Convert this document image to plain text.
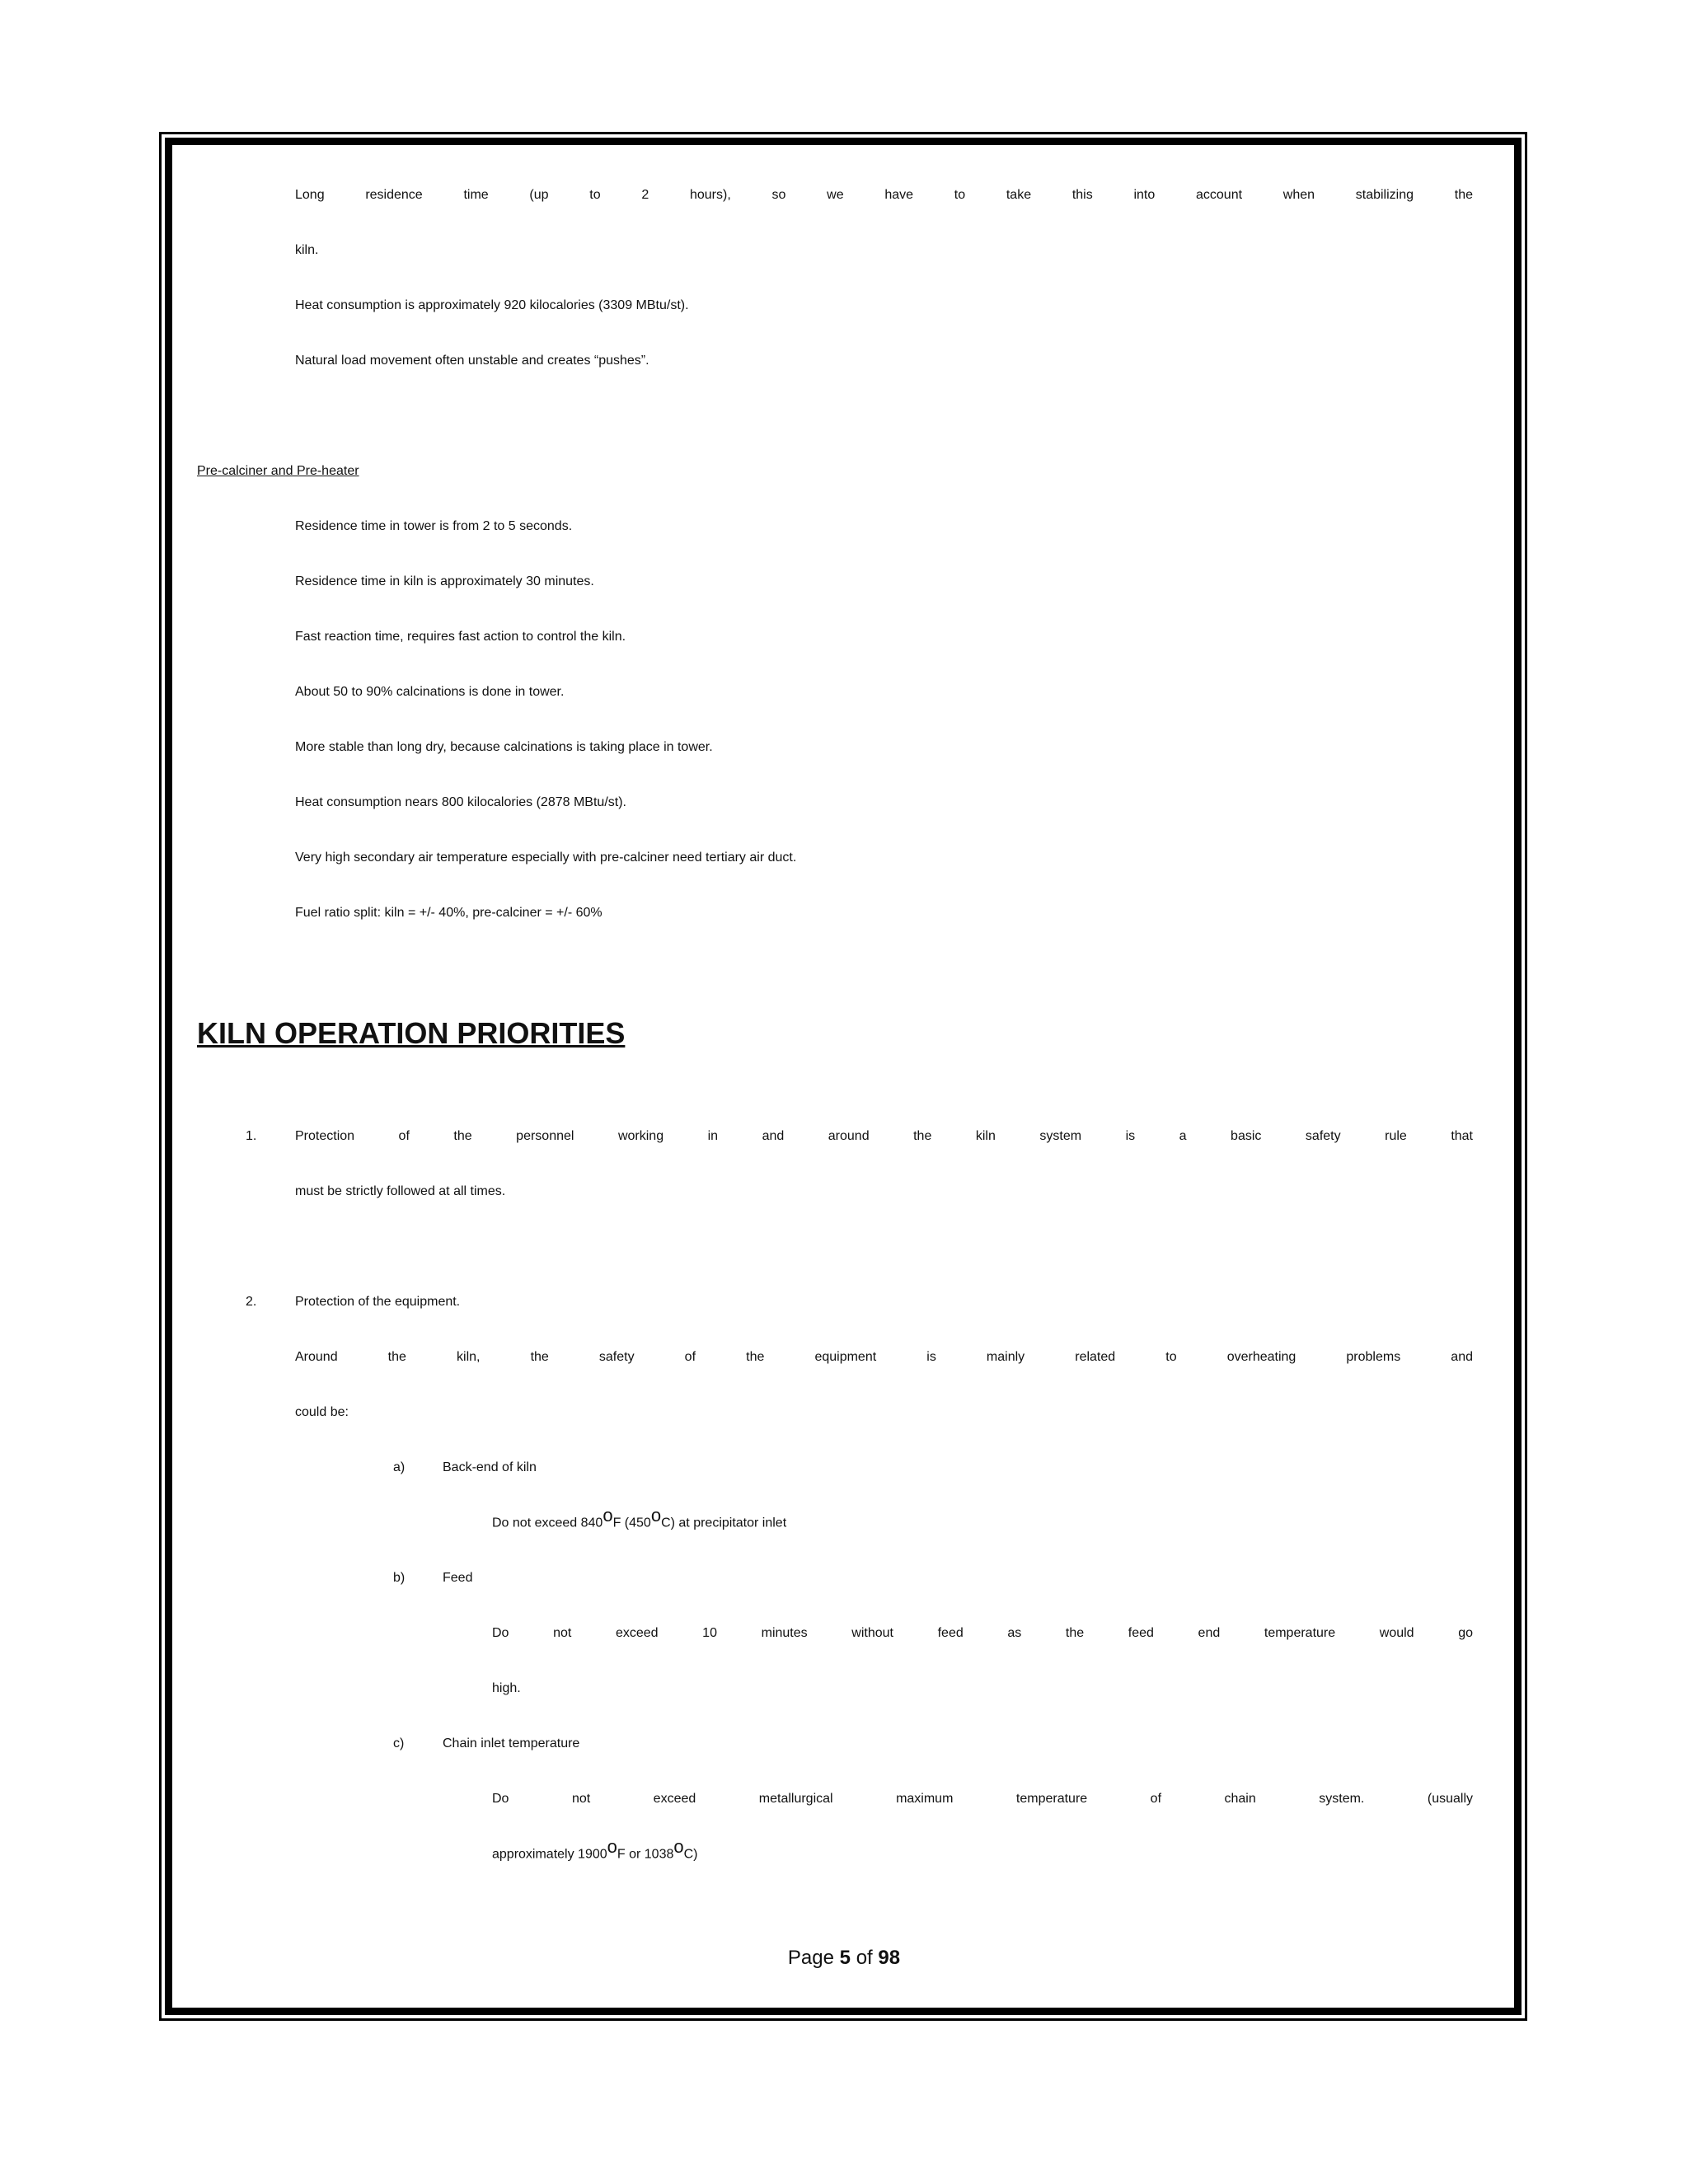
Long residence time (up to 2 hours), so we have to take this into account when stabilizing the
kiln.
Heat consumption is approximately 920 kilocalories (3309 MBtu/st).
Natural load movement often unstable and creates “pushes”.
Pre-calciner and Pre-heater
Residence time in tower is from 2 to 5 seconds.
Residence time in kiln is approximately 30 minutes.
Fast reaction time, requires fast action to control the kiln.
About 50 to 90% calcinations is done in tower.
More stable than long dry, because calcinations is taking place in tower.
Heat consumption nears 800 kilocalories (2878 MBtu/st).
Very high secondary air temperature especially with pre-calciner need tertiary air duct.
Fuel ratio split: kiln = +/- 40%, pre-calciner = +/- 60%
KILN OPERATION PRIORITIES
1.	Protection of the personnel working in and around the kiln system is a basic safety rule that
must be strictly followed at all times.
2.	Protection of the equipment.
Around the kiln, the safety of the equipment is mainly related to overheating problems and
could be:
a)	Back-end of kiln
Do not exceed 840$^o$F (450$^o$C) at precipitator inlet
b)	Feed
Do not exceed 10 minutes without feed as the feed end temperature would go
high.
c)	Chain inlet temperature
Do not exceed metallurgical maximum temperature of chain system. (usually
approximately 1900$^o$F or 1038$^o$C)
Page 5 of 98
